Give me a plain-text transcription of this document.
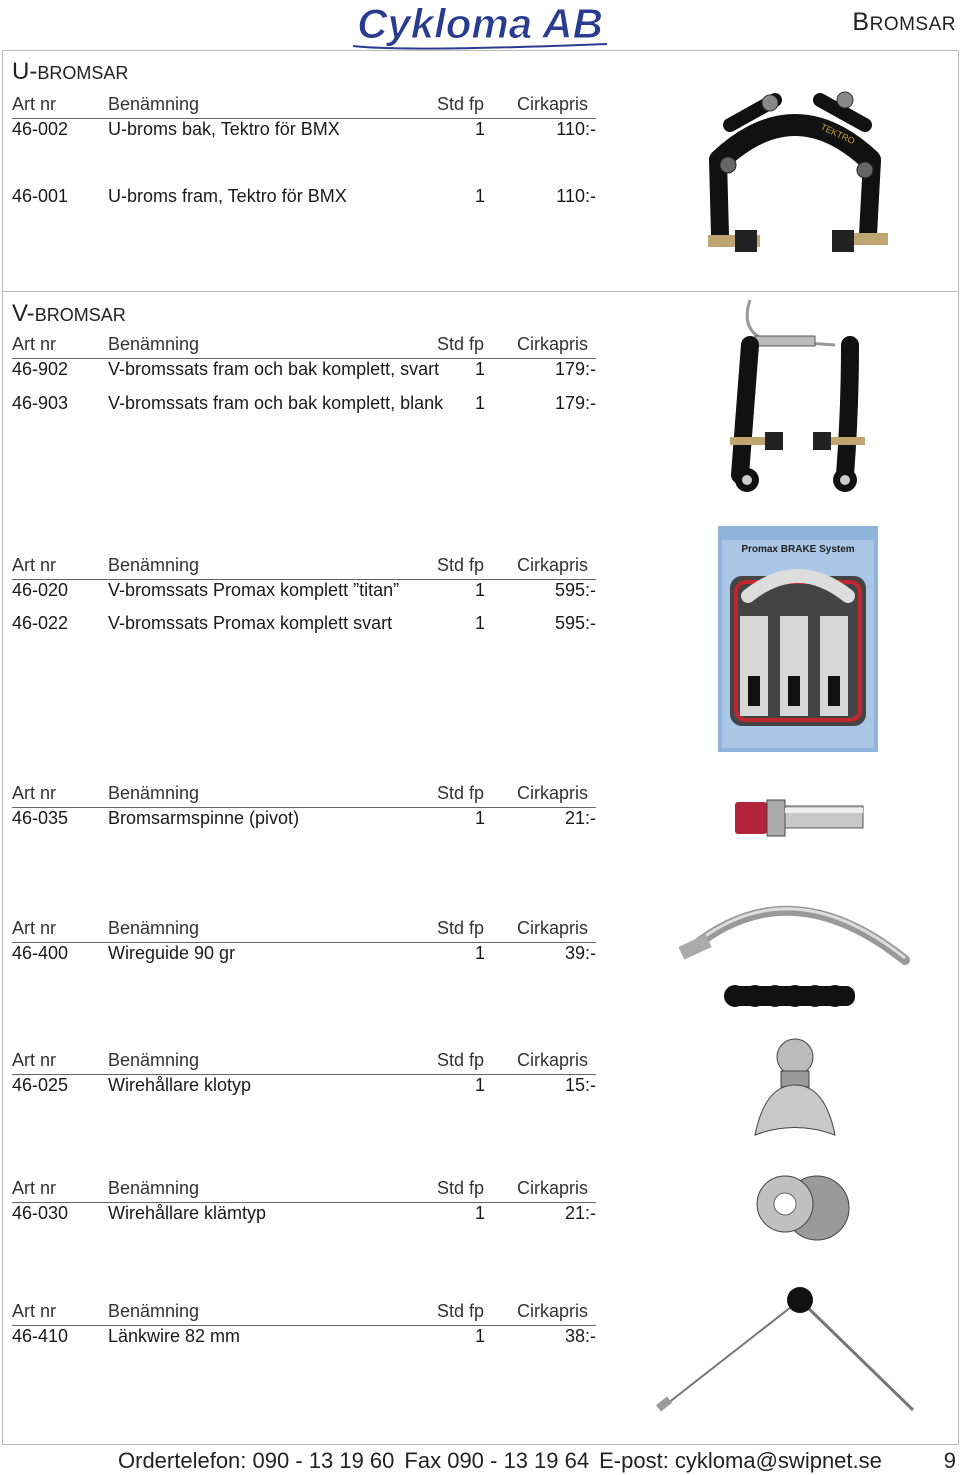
Cykloma AB	BROMSAR
U-BROMSAR
Art nr	Benämning	Std fp Cirkapris
46-002 U-broms bak, Tektro för BMX	1	110:-
46-001 U-broms fram, Tektro för BMX	1	110:-
TEKTRO
V-BROMSAR
Art nr	Benämning	Std fp Cirkapris
46-902 V-bromssats fram och bak komplett, svart	1	179:-
46-903 V-bromssats fram och bak komplett, blank	1	179:-
Art nr	Benämning	Std fp Cirkapris
46-020 V-bromssats Promax komplett ”titan”	1	595:-
46-022 V-bromssats Promax komplett svart	1	595:-
Promax BRAKE System
Art nr	Benämning	Std fp Cirkapris
46-035 Bromsarmspinne (pivot)	1	21:-
Art nr	Benämning	Std fp Cirkapris
46-400 Wireguide 90 gr	1	39:-
Art nr	Benämning	Std fp Cirkapris
46-025 Wirehållare klotyp	1	15:-
Art nr	Benämning	Std fp Cirkapris
46-030 Wirehållare klämtyp	1	21:-
Art nr	Benämning	Std fp Cirkapris
46-410 Länkwire 82 mm	1	38:-
Ordertelefon: 090 - 13 19 60 Fax 090 - 13 19 64 E-post: cykloma@swipnet.se	9
